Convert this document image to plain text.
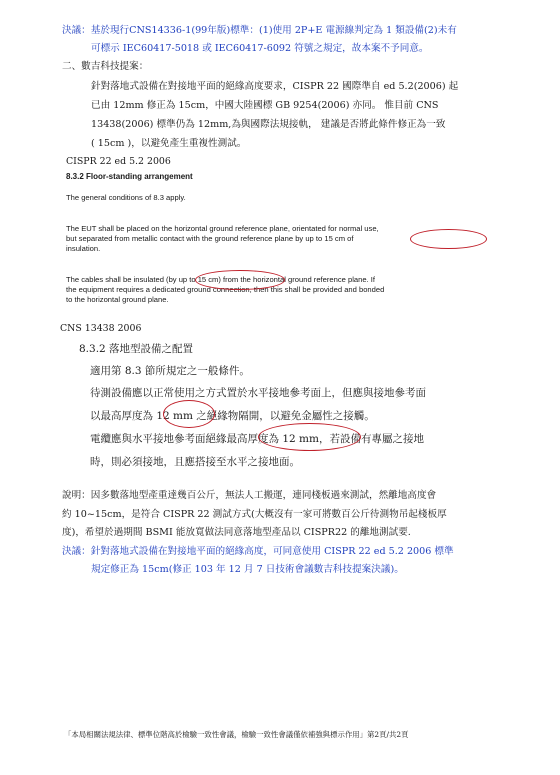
決議：基於現行CNS14336-1(99年版)標準：(1)使用 2P+E 電源線判定為 1 類設備(2)未有
可標示 IEC60417-5018 或 IEC60417-6092 符號之規定，故本案不予同意。
二、數吉科技提案：
針對落地式設備在對接地平面的絕緣高度要求，CISPR 22 國際準自 ed 5.2(2006) 起
已由 12mm 修正為 15cm，中國大陸國標 GB 9254(2006) 亦同。 惟目前 CNS
13438(2006) 標準仍為 12mm,為與國際法規接軌， 建議是否將此條件修正為一致
( 15cm )，以避免產生重複性測試。
CISPR 22 ed 5.2 2006
8.3.2 Floor-standing arrangement
The general conditions of 8.3 apply.
The EUT shall be placed on the horizontal ground reference plane, orientated for normal use,
but separated from metallic contact with the ground reference plane by up to 15 cm of
insulation.
The cables shall be insulated (by up to 15 cm) from the horizontal ground reference plane. If
the equipment requires a dedicated ground connection, then this shall be provided and bonded
to the horizontal ground plane.
CNS 13438 2006
8.3.2 落地型設備之配置
適用第 8.3 節所規定之一般條件。
待測設備應以正常使用之方式置於水平接地參考面上，但應與接地參考面
以最高厚度為 12 mm 之絕緣物隔開，以避免金屬性之接觸。
電纜應與水平接地參考面絕緣最高厚度為 12 mm，若設備有專屬之接地
時，則必須接地，且應搭接至水平之接地面。
說明：因多數落地型產重達幾百公斤，無法人工搬運，連同棧板過來測試，然離地高度會
約 10~15cm，是符合 CISPR 22 測試方式(大概沒有一家可將數百公斤待測物吊起棧板厚
度)，希望於過期間 BSMI 能放寬做法同意落地型產品以 CISPR22 的離地測試要.
決議：針對落地式設備在對接地平面的絕緣高度，可同意使用 CISPR 22 ed 5.2 2006 標準
規定修正為 15cm(修正 103 年 12 月 7 日技術會議數吉科技提案決議)。
「本局相關法規法律、標準位階高於檢驗一致性會議，檢驗一致性會議僅依補強與標示作用」第2頁/共2頁
